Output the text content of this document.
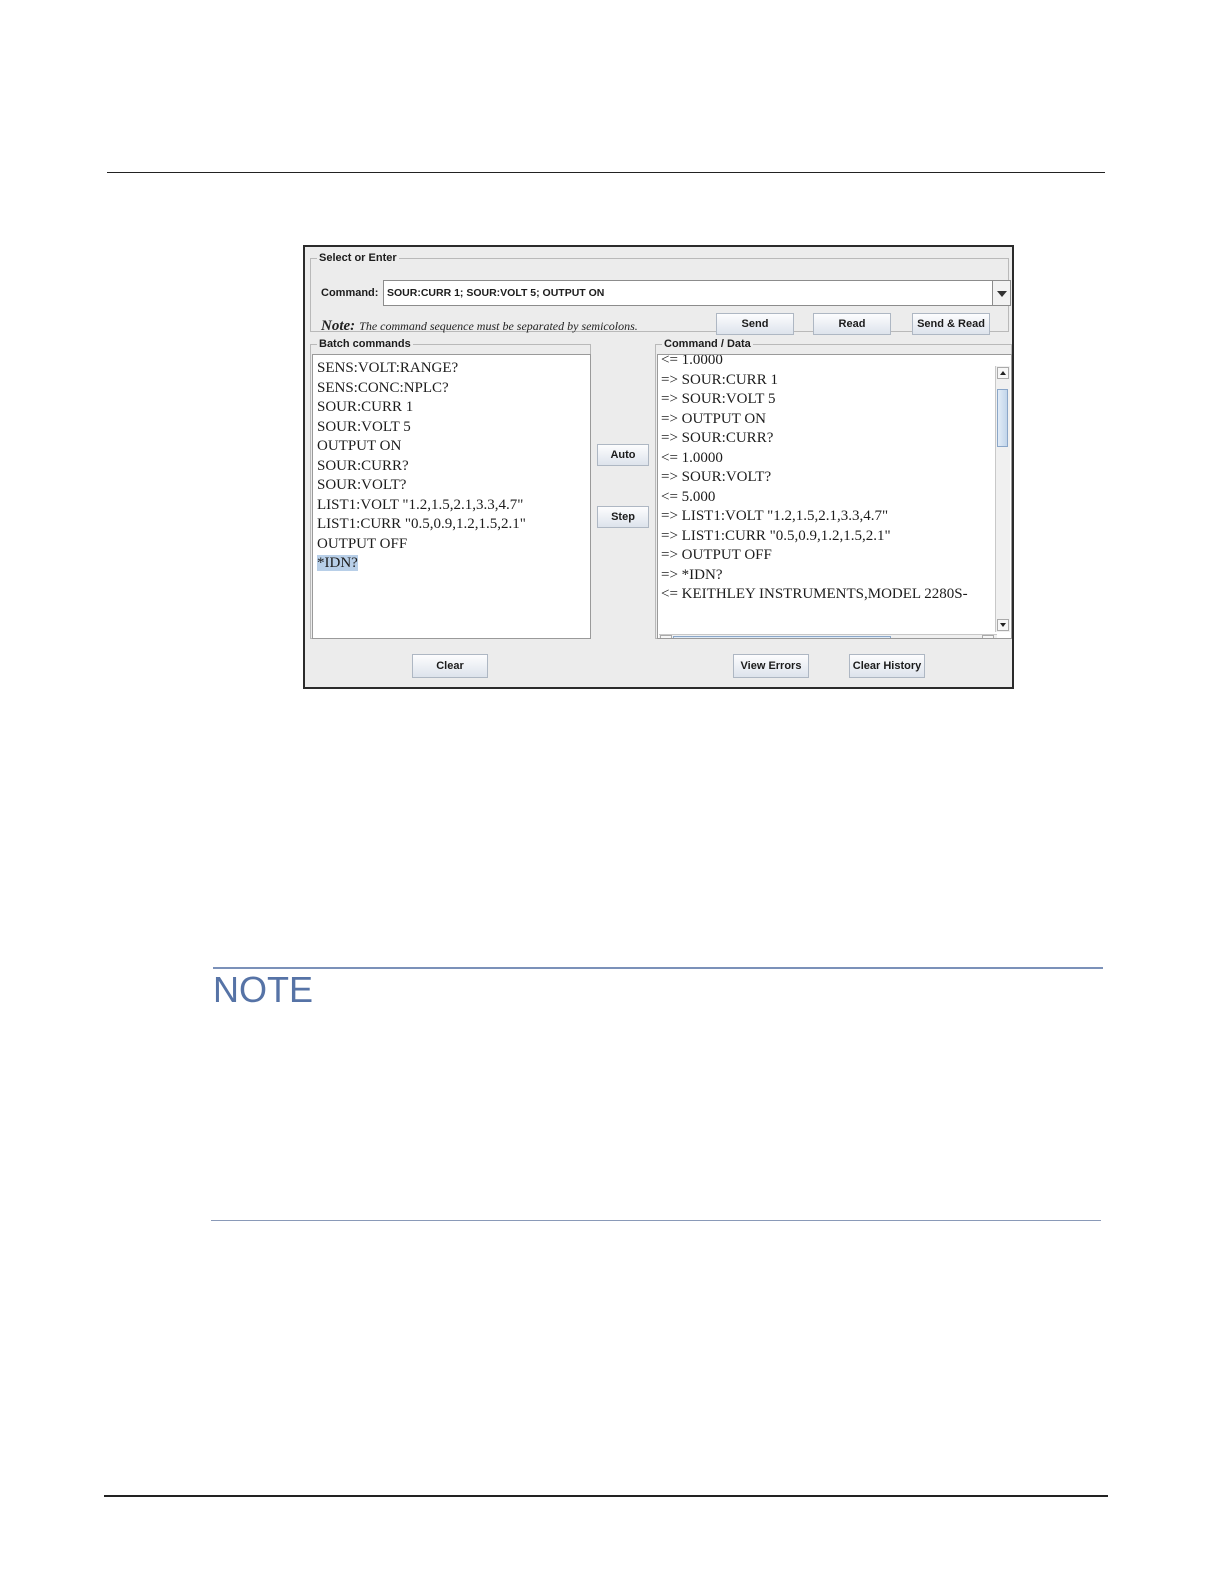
Select or Enter
Command: SOUR:CURR 1; SOUR:VOLT 5; OUTPUT ON
Note: The command sequence must be separated by semicolons.	Send	Read	Send & Read
Batch commands
SENS:VOLT:RANGE?
SENS:CONC:NPLC?
SOUR:CURR 1
SOUR:VOLT 5
OUTPUT ON
SOUR:CURR?
SOUR:VOLT?
LIST1:VOLT "1.2,1.5,2.1,3.3,4.7"
LIST1:CURR "0.5,0.9,1.2,1.5,2.1"
OUTPUT OFF
*IDN?
Auto
Step
Command / Data
<= 1.0000
=> SOUR:CURR 1
=> SOUR:VOLT 5
=> OUTPUT ON
=> SOUR:CURR?
<= 1.0000
=> SOUR:VOLT?
<= 5.000
=> LIST1:VOLT "1.2,1.5,2.1,3.3,4.7"
=> LIST1:CURR "0.5,0.9,1.2,1.5,2.1"
=> OUTPUT OFF
=> *IDN?
<= KEITHLEY INSTRUMENTS,MODEL 2280S-
Clear	View Errors	Clear History
NOTE
